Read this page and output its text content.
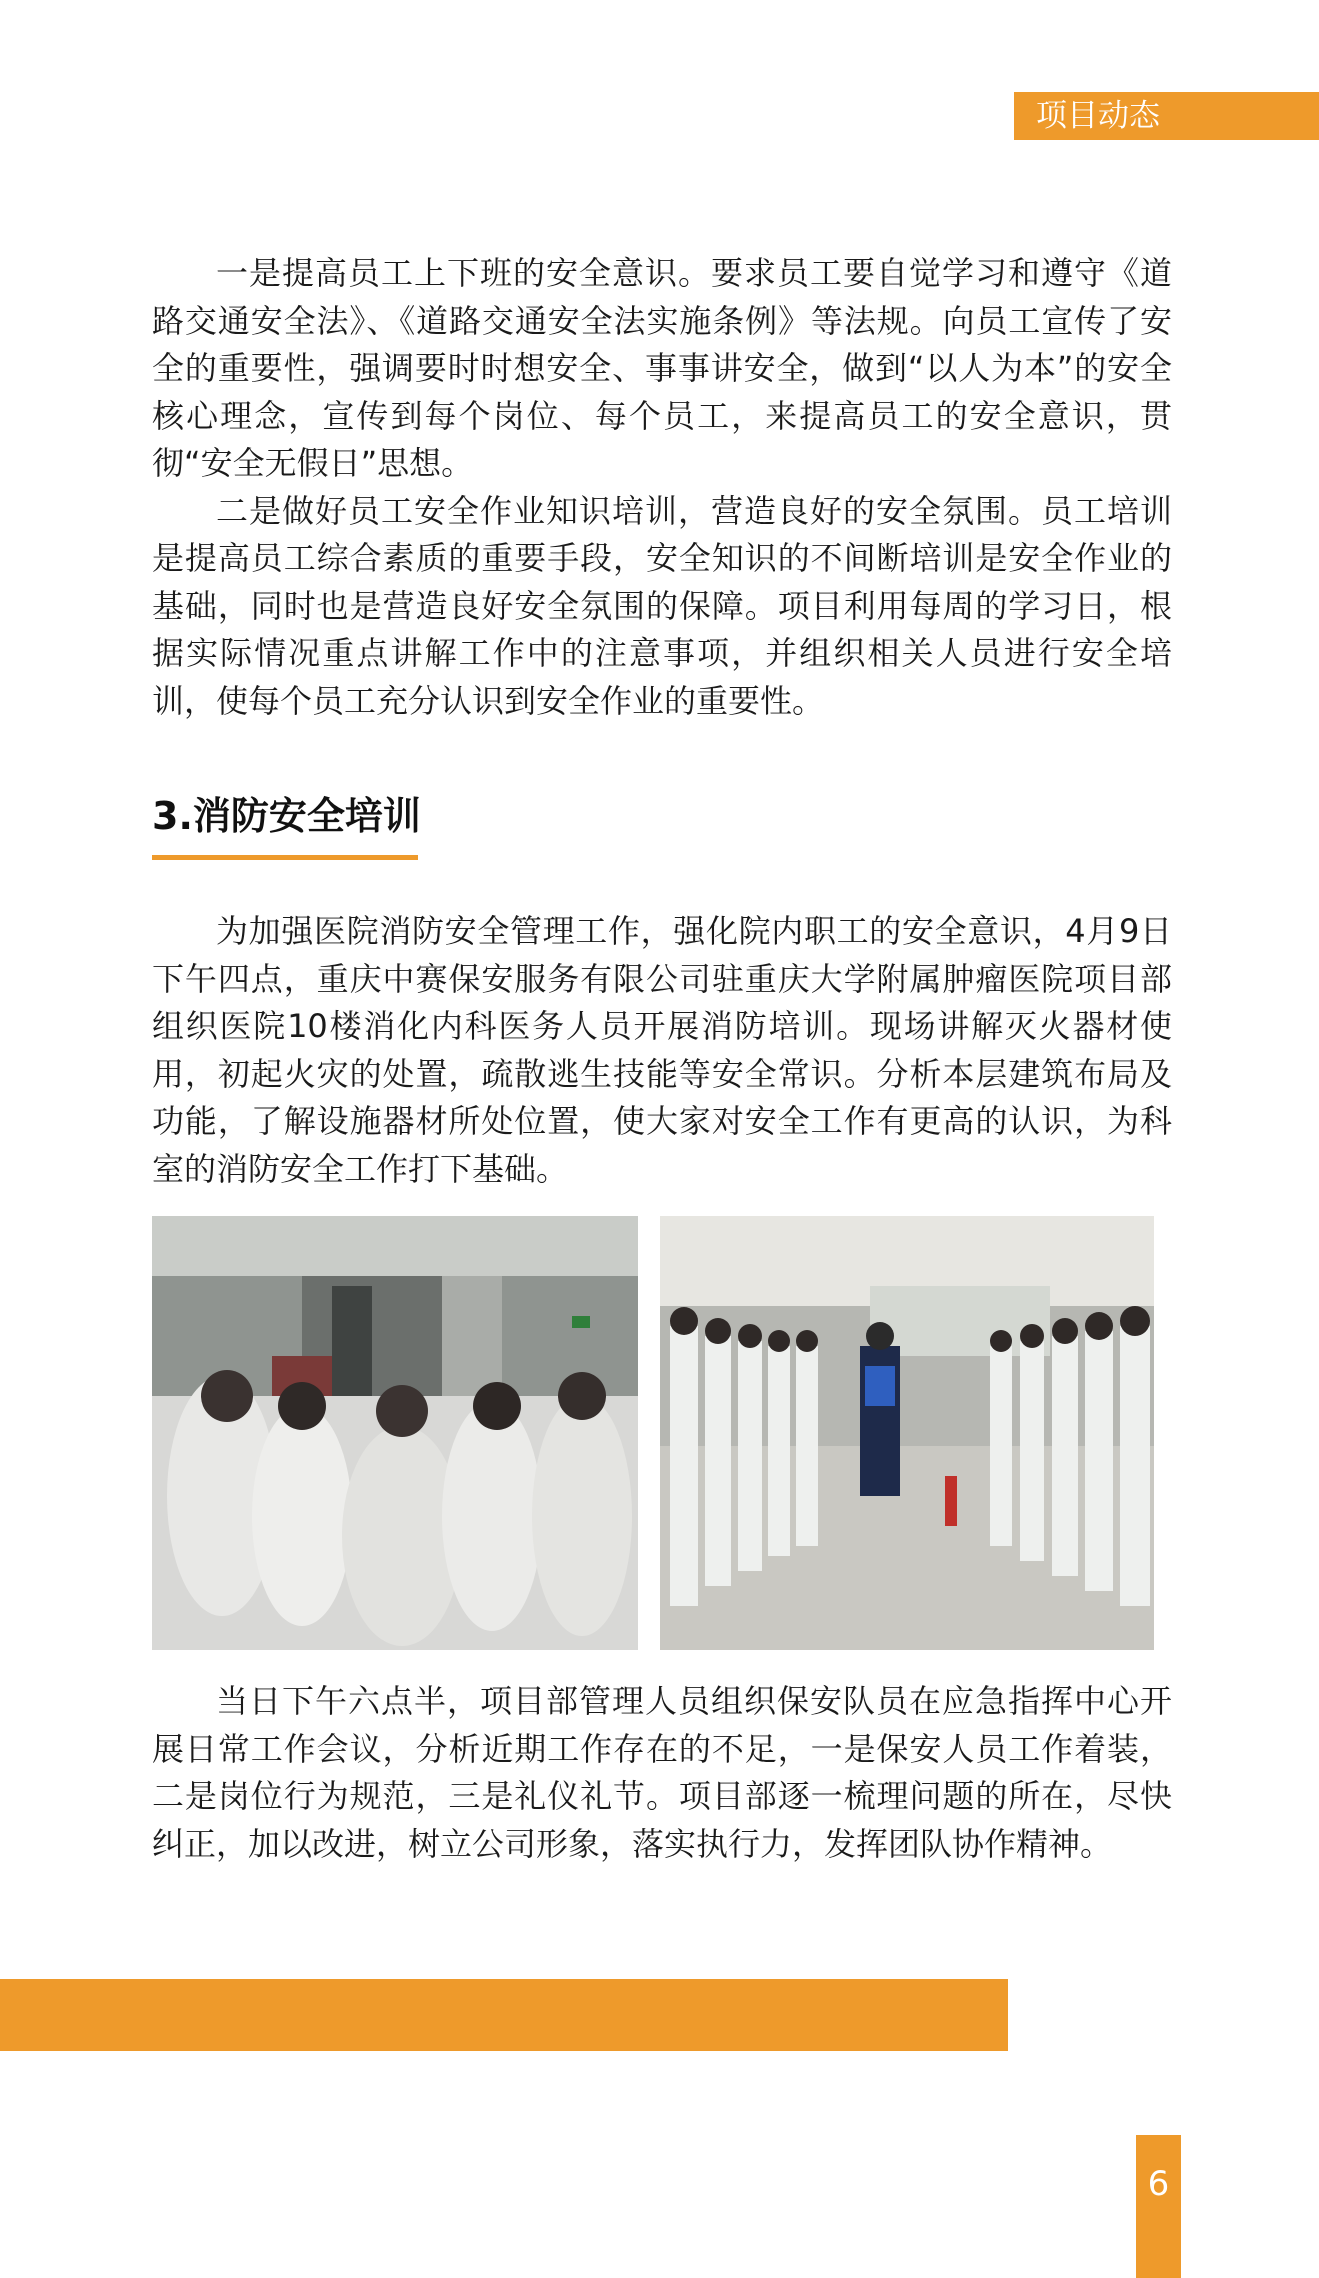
项目动态

一是提高员工上下班的安全意识。要求员工要自觉学习和遵守《道路交通安全法》、《道路交通安全法实施条例》等法规。向员工宣传了安全的重要性，强调要时时想安全、事事讲安全，做到“以人为本”的安全核心理念，宣传到每个岗位、每个员工，来提高员工的安全意识，贯彻“安全无假日”思想。

二是做好员工安全作业知识培训，营造良好的安全氛围。员工培训是提高员工综合素质的重要手段，安全知识的不间断培训是安全作业的基础，同时也是营造良好安全氛围的保障。项目利用每周的学习日，根据实际情况重点讲解工作中的注意事项，并组织相关人员进行安全培训，使每个员工充分认识到安全作业的重要性。

3.消防安全培训

为加强医院消防安全管理工作，强化院内职工的安全意识，4月9日下午四点，重庆中赛保安服务有限公司驻重庆大学附属肿瘤医院项目部组织医院10楼消化内科医务人员开展消防培训。现场讲解灭火器材使用，初起火灾的处置，疏散逃生技能等安全常识。分析本层建筑布局及功能，了解设施器材所处位置，使大家对安全工作有更高的认识，为科室的消防安全工作打下基础。

当日下午六点半，项目部管理人员组织保安队员在应急指挥中心开展日常工作会议，分析近期工作存在的不足，一是保安人员工作着装，二是岗位行为规范，三是礼仪礼节。项目部逐一梳理问题的所在，尽快纠正，加以改进，树立公司形象，落实执行力，发挥团队协作精神。

6
